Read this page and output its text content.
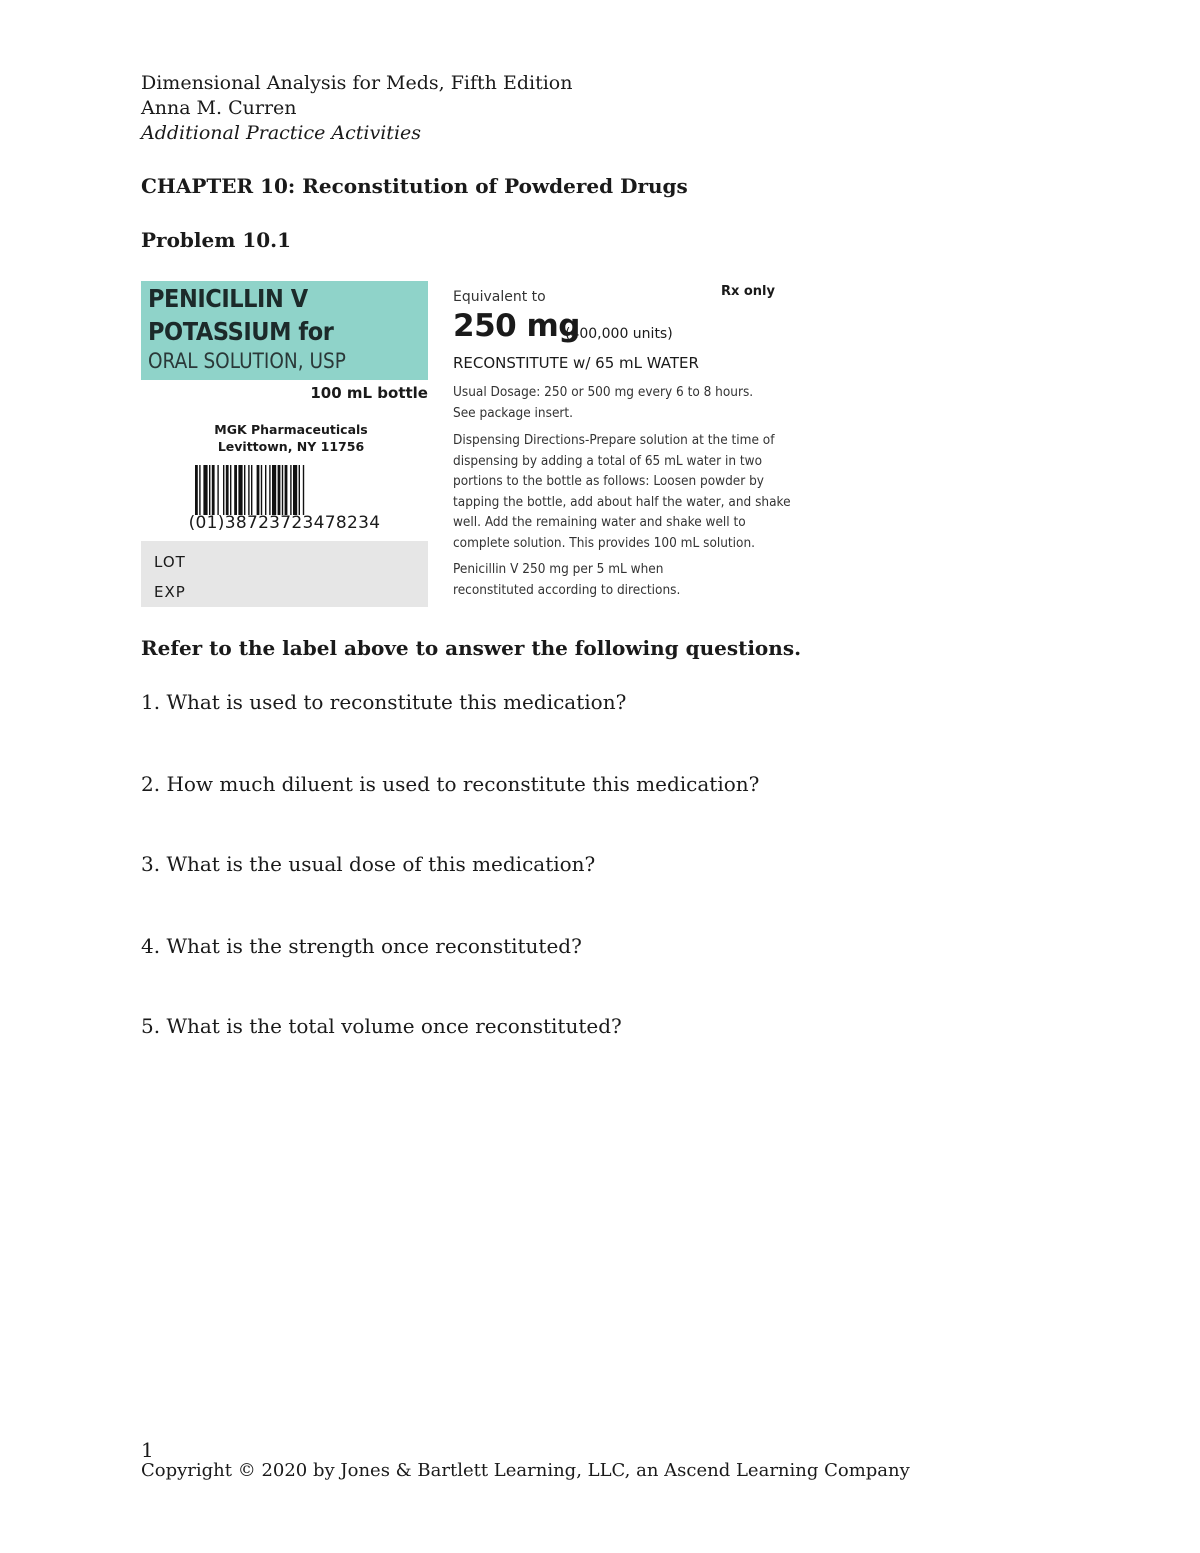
Dimensional Analysis for Meds, Fifth Edition
Anna M. Curren
Additional Practice Activities
CHAPTER 10: Reconstitution of Powdered Drugs
Problem 10.1
PENICILLIN V
POTASSIUM for
ORAL SOLUTION, USP
100 mL bottle
MGK Pharmaceuticals
Levittown, NY 11756
(01)38723723478234
LOT
EXP
Equivalent to	Rx only
250 mg
(400,000 units)
RECONSTITUTE w/ 65 mL WATER
Usual Dosage: 250 or 500 mg every 6 to 8 hours.
See package insert.
Dispensing Directions-Prepare solution at the time of
dispensing by adding a total of 65 mL water in two
portions to the bottle as follows: Loosen powder by
tapping the bottle, add about half the water, and shake
well. Add the remaining water and shake well to
complete solution. This provides 100 mL solution.
Penicillin V 250 mg per 5 mL when
reconstituted according to directions.
Refer to the label above to answer the following questions.
1. What is used to reconstitute this medication?
2. How much diluent is used to reconstitute this medication?
3. What is the usual dose of this medication?
4. What is the strength once reconstituted?
5. What is the total volume once reconstituted?
1
Copyright © 2020 by Jones & Bartlett Learning, LLC, an Ascend Learning Company
